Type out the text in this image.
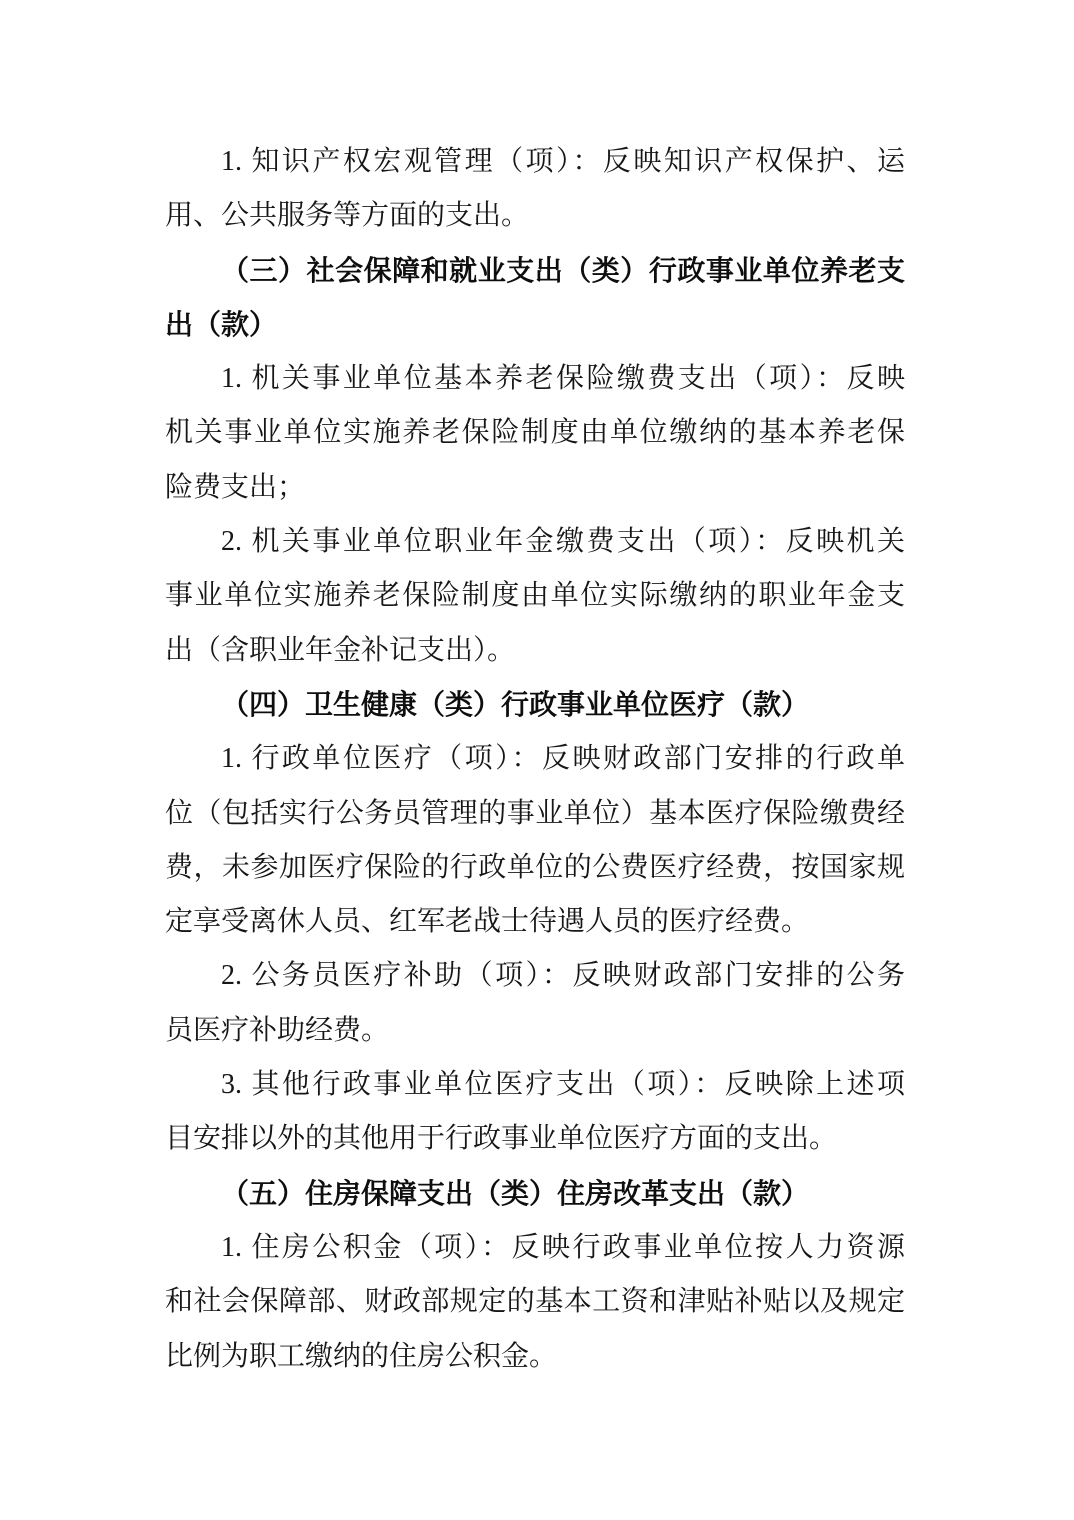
1. 知识产权宏观管理（项）：反映知识产权保护、运
用、公共服务等方面的支出。
（三）社会保障和就业支出（类）行政事业单位养老支
出（款）
1. 机关事业单位基本养老保险缴费支出（项）：反映
机关事业单位实施养老保险制度由单位缴纳的基本养老保
险费支出；
2. 机关事业单位职业年金缴费支出（项）：反映机关
事业单位实施养老保险制度由单位实际缴纳的职业年金支
出（含职业年金补记支出）。
（四）卫生健康（类）行政事业单位医疗（款）
1. 行政单位医疗（项）：反映财政部门安排的行政单
位（包括实行公务员管理的事业单位）基本医疗保险缴费经
费，未参加医疗保险的行政单位的公费医疗经费，按国家规
定享受离休人员、红军老战士待遇人员的医疗经费。
2. 公务员医疗补助（项）：反映财政部门安排的公务
员医疗补助经费。
3. 其他行政事业单位医疗支出（项）：反映除上述项
目安排以外的其他用于行政事业单位医疗方面的支出。
（五）住房保障支出（类）住房改革支出（款）
1. 住房公积金（项）：反映行政事业单位按人力资源
和社会保障部、财政部规定的基本工资和津贴补贴以及规定
比例为职工缴纳的住房公积金。
